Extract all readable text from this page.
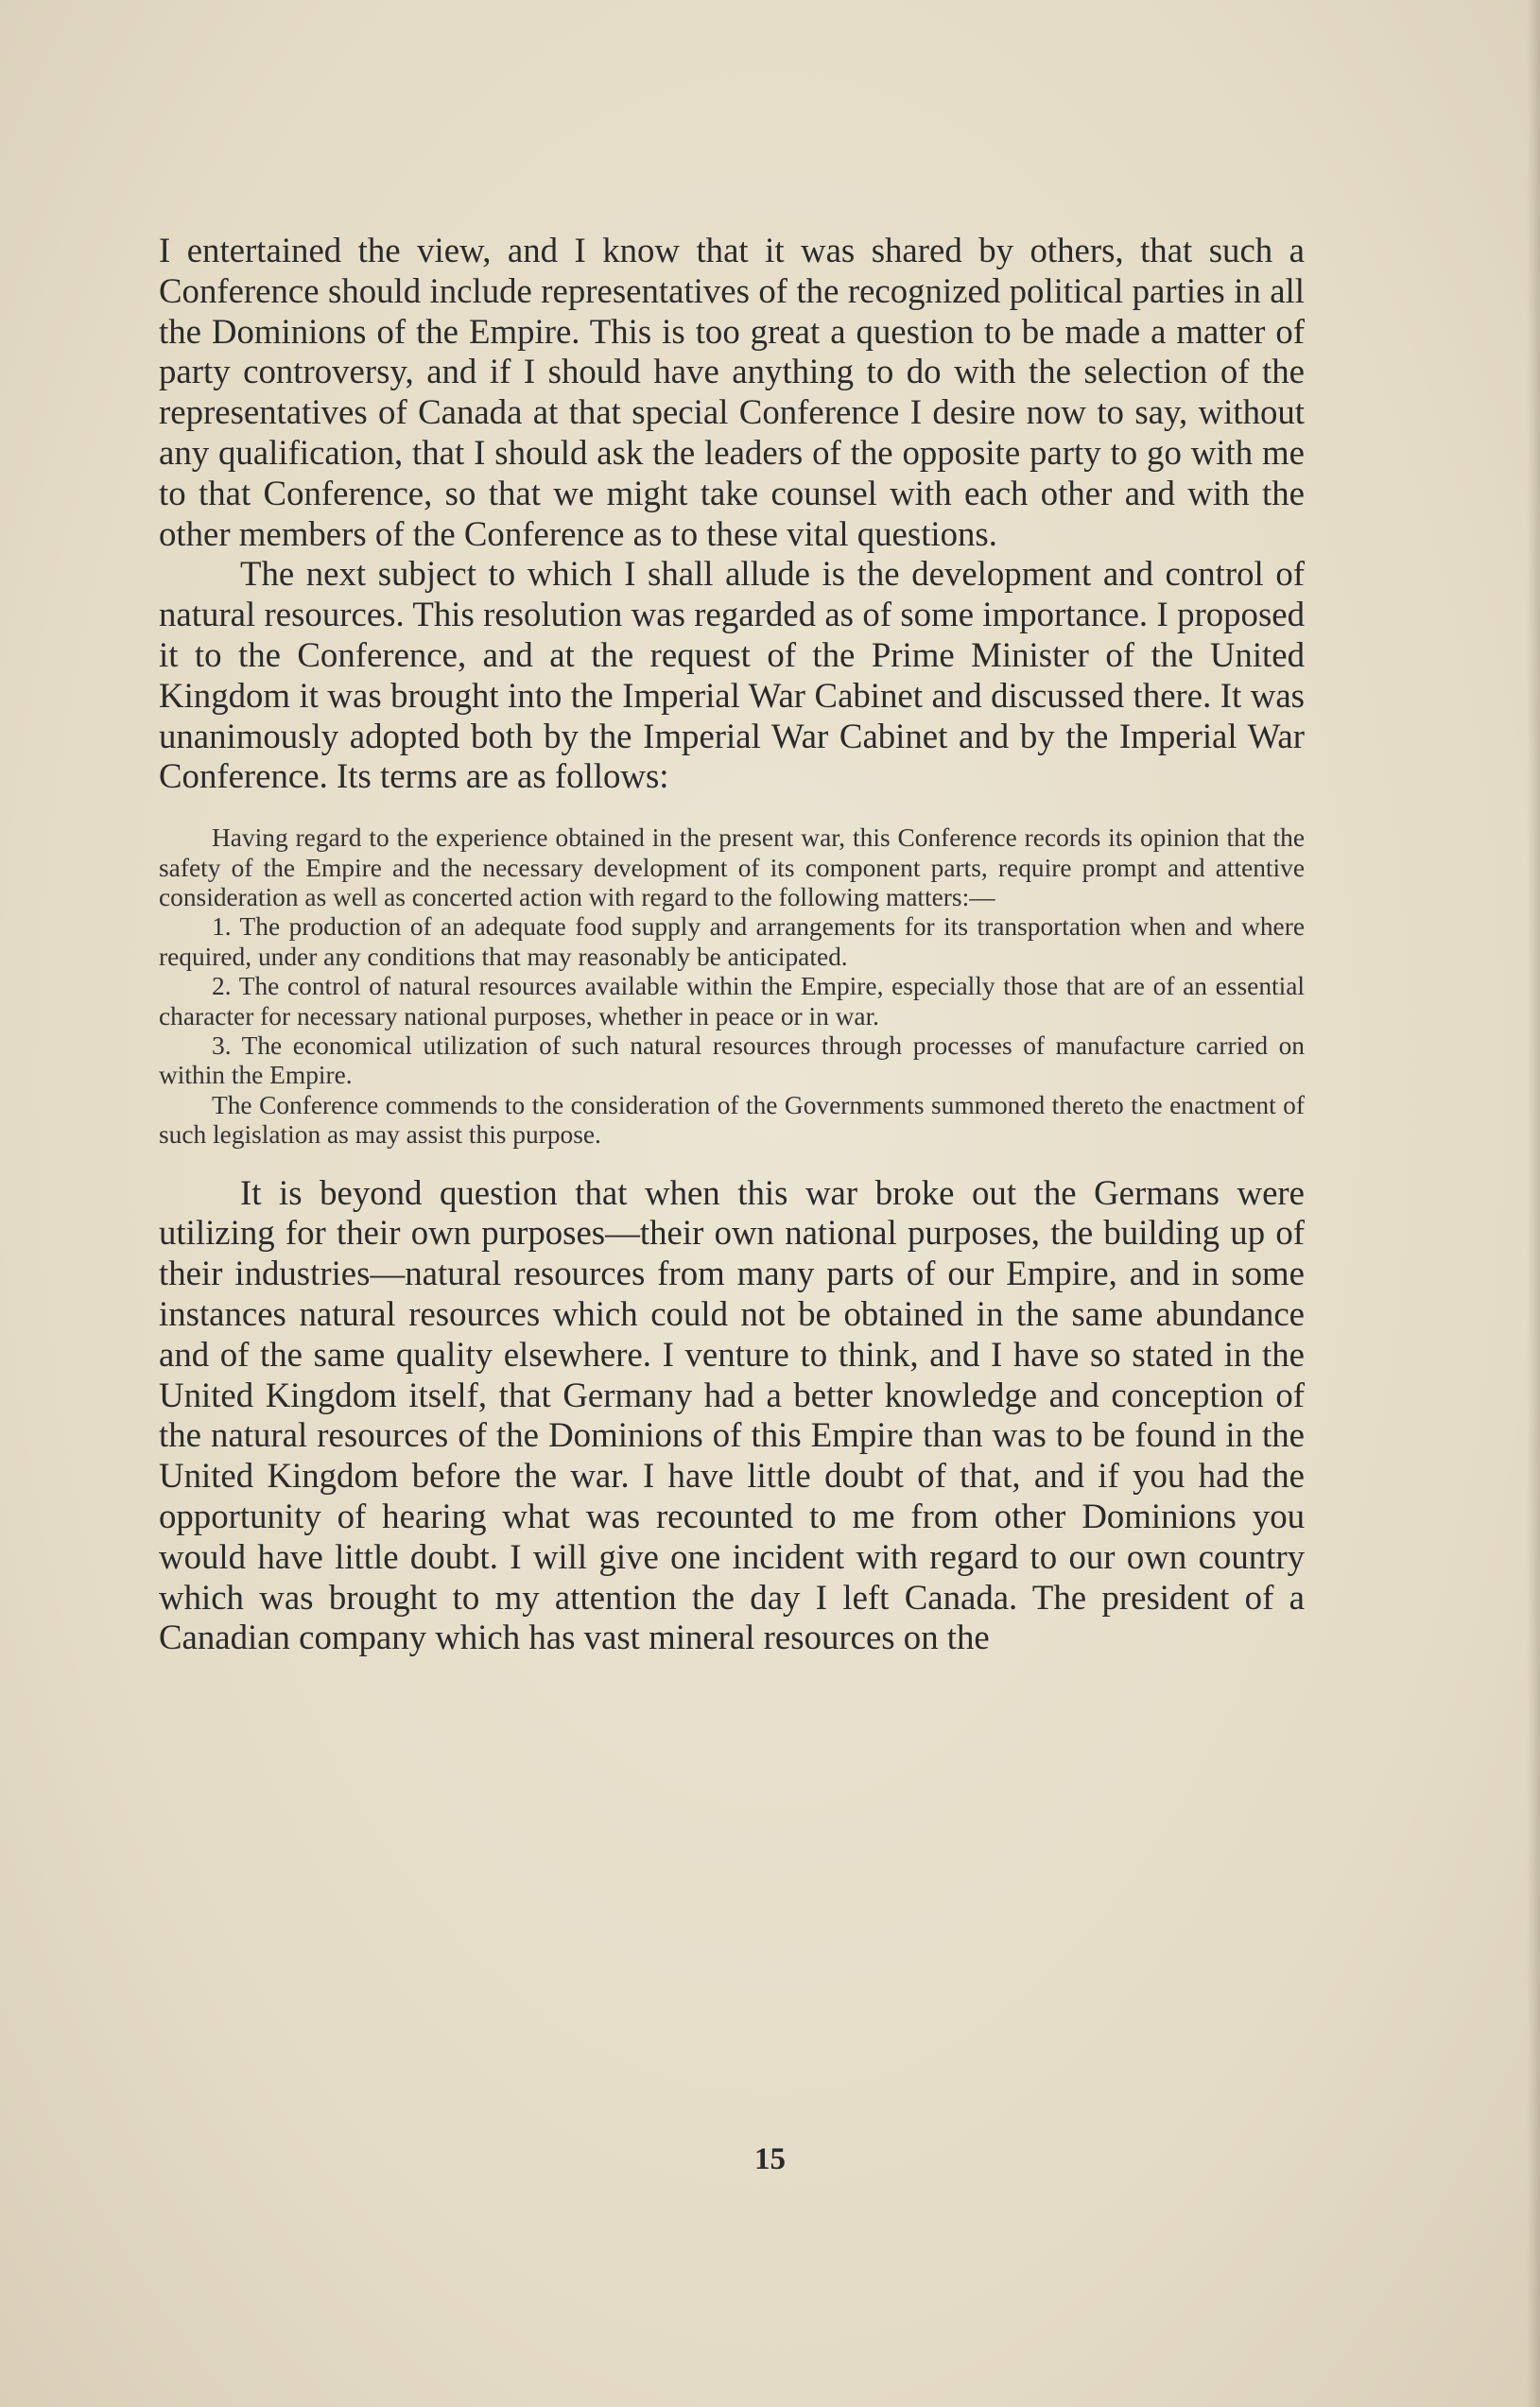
I entertained the view, and I know that it was shared by others, that such a Conference should include representatives of the recognized political parties in all the Dominions of the Empire. This is too great a question to be made a matter of party controversy, and if I should have anything to do with the selection of the representatives of Canada at that special Conference I desire now to say, without any qualification, that I should ask the leaders of the opposite party to go with me to that Conference, so that we might take counsel with each other and with the other members of the Conference as to these vital questions.

The next subject to which I shall allude is the development and control of natural resources. This resolution was regarded as of some importance. I proposed it to the Conference, and at the request of the Prime Minister of the United Kingdom it was brought into the Imperial War Cabinet and discussed there. It was unanimously adopted both by the Imperial War Cabinet and by the Imperial War Conference. Its terms are as follows:

Having regard to the experience obtained in the present war, this Conference records its opinion that the safety of the Empire and the necessary development of its component parts, require prompt and attentive consideration as well as concerted action with regard to the following matters:—

1. The production of an adequate food supply and arrangements for its transportation when and where required, under any conditions that may reasonably be anticipated.

2. The control of natural resources available within the Empire, especially those that are of an essential character for necessary national purposes, whether in peace or in war.

3. The economical utilization of such natural resources through processes of manufacture carried on within the Empire.

The Conference commends to the consideration of the Governments summoned thereto the enactment of such legislation as may assist this purpose.

It is beyond question that when this war broke out the Germans were utilizing for their own purposes—their own national purposes, the building up of their industries—natural resources from many parts of our Empire, and in some instances natural resources which could not be obtained in the same abundance and of the same quality elsewhere. I venture to think, and I have so stated in the United Kingdom itself, that Germany had a better knowledge and conception of the natural resources of the Dominions of this Empire than was to be found in the United Kingdom before the war. I have little doubt of that, and if you had the opportunity of hearing what was recounted to me from other Dominions you would have little doubt. I will give one incident with regard to our own country which was brought to my attention the day I left Canada. The president of a Canadian company which has vast mineral resources on the

15
